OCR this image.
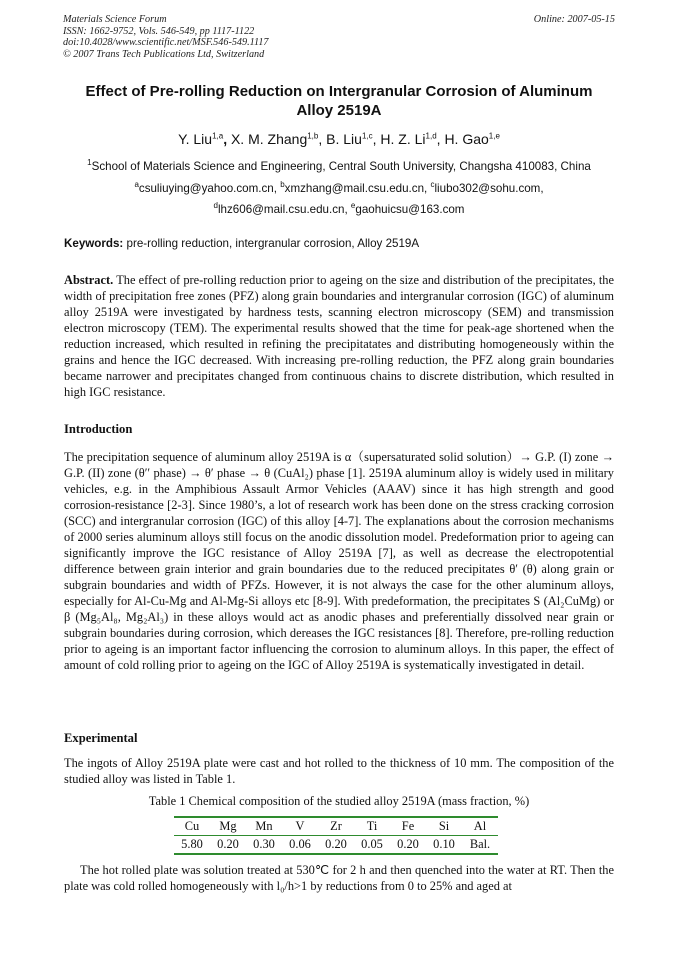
Materials Science Forum
ISSN: 1662-9752, Vols. 546-549, pp 1117-1122
doi:10.4028/www.scientific.net/MSF.546-549.1117
© 2007 Trans Tech Publications Ltd, Switzerland
Online: 2007-05-15
Effect of Pre-rolling Reduction on Intergranular Corrosion of Aluminum
Alloy 2519A
Y. Liu$^{1,a}$, X. M. Zhang$^{1,b}$, B. Liu$^{1,c}$, H. Z. Li$^{1,d}$, H. Gao$^{1,e}$
$^1$School of Materials Science and Engineering, Central South University, Changsha 410083, China
$^a$csuliuying@yahoo.com.cn, $^b$xmzhang@mail.csu.edu.cn, $^c$liubo302@sohu.com,
$^d$lhz606@mail.csu.edu.cn, $^e$gaohuicsu@163.com
Keywords: pre-rolling reduction, intergranular corrosion, Alloy 2519A
Abstract. The effect of pre-rolling reduction prior to ageing on the size and distribution of the precipitates, the width of precipitation free zones (PFZ) along grain boundaries and intergranular corrosion (IGC) of aluminum alloy 2519A were investigated by hardness tests, scanning electron microscopy (SEM) and transmission electron microscopy (TEM). The experimental results showed that the time for peak-age shortened when the reduction increased, which resulted in refining the precipitatates and distributing homogeneously within the grains and hence the IGC decreased. With increasing pre-rolling reduction, the PFZ along grain boundaries became narrower and precipitates changed from continuous chains to discrete distribution, which resulted in high IGC resistance.
Introduction
The precipitation sequence of aluminum alloy 2519A is α（supersaturated solid solution）→ G.P. (I) zone → G.P. (II) zone (θ′′ phase) → θ′ phase → θ (CuAl₂) phase [1]. 2519A aluminum alloy is widely used in military vehicles, e.g. in the Amphibious Assault Armor Vehicles (AAAV) since it has high strength and good corrosion-resistance [2-3]. Since 1980’s, a lot of research work has been done on the stress cracking corrosion (SCC) and intergranular corrosion (IGC) of this alloy [4-7]. The explanations about the corrosion mechanisms of 2000 series aluminum alloys still focus on the anodic dissolution model. Predeformation prior to ageing can significantly improve the IGC resistance of Alloy 2519A [7], as well as decrease the electropotential difference between grain interior and grain boundaries due to the reduced precipitates θ′ (θ) along grain or subgrain boundaries and width of PFZs. However, it is not always the case for the other aluminum alloys, especially for Al-Cu-Mg and Al-Mg-Si alloys etc [8-9]. With predeformation, the precipitates S (Al₂CuMg) or β (Mg₅Al₈, Mg₂Al₃) in these alloys would act as anodic phases and preferentially dissolved near grain or subgrain boundaries during corrosion, which dereases the IGC resistances [8]. Therefore, pre-rolling reduction prior to ageing is an important factor influencing the corrosion to aluminum alloys. In this paper, the effect of amount of cold rolling prior to ageing on the IGC of Alloy 2519A is systematically investigated in detail.
Experimental
The ingots of Alloy 2519A plate were cast and hot rolled to the thickness of 10 mm. The composition of the studied alloy was listed in Table 1.
Table 1 Chemical composition of the studied alloy 2519A (mass fraction, %)
Cu	Mg	Mn	V	Zr	Ti	Fe	Si	Al
5.80	0.20	0.30	0.06	0.20	0.05	0.20	0.10	Bal.
The hot rolled plate was solution treated at 530℃ for 2 h and then quenched into the water at RT. Then the plate was cold rolled homogeneously with l₀/h>1 by reductions from 0 to 25% and aged at
